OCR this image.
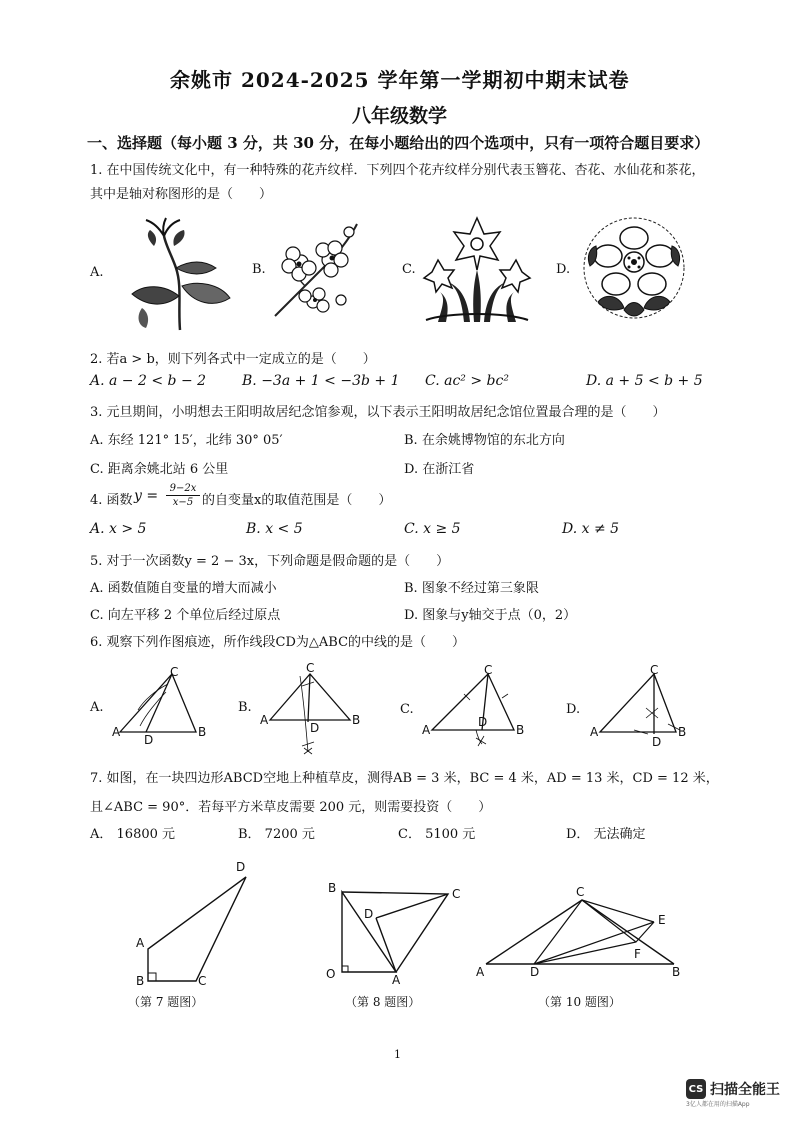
余姚市 2024-2025 学年第一学期初中期末试卷
八年级数学
一、选择题（每小题 3 分，共 30 分，在每小题给出的四个选项中，只有一项符合题目要求）
1. 在中国传统文化中，有一种特殊的花卉纹样．下列四个花卉纹样分别代表玉簪花、杏花、水仙花和茶花，
其中是轴对称图形的是（　　）
A.	B.	C.	D.
2. 若a > b，则下列各式中一定成立的是（　　）
A. a − 2 < b − 2	B. −3a + 1 < −3b + 1 C. ac² > bc²	D. a + 5 < b + 5
3. 元旦期间，小明想去王阳明故居纪念馆参观，以下表示王阳明故居纪念馆位置最合理的是（　　）
A. 东经 121° 15′，北纬 30° 05′	B. 在余姚博物馆的东北方向
C. 距离余姚北站 6 公里	D. 在浙江省
4. 函数 $y = \frac{9-2x}{x-5}$ 的自变量x的取值范围是（　　）
A. x > 5	B. x < 5	C. x ≥ 5	D. x ≠ 5
5. 对于一次函数y = 2 − 3x，下列命题是假命题的是（　　）
A. 函数值随自变量的增大而减小	B. 图象不经过第三象限
C. 向左平移 2 个单位后经过原点	D. 图象与y轴交于点（0，2）
6. 观察下列作图痕迹，所作线段CD为△ABC的中线的是（　　）
A.	B.	C.	D.
C
A
D
B
C
A
D
B
C
A
D
B
C
A
D
B
7. 如图，在一块四边形ABCD空地上种植草皮，测得AB = 3 米，BC = 4 米，AD = 13 米，CD = 12 米，
且∠ABC = 90°．若每平方米草皮需要 200 元，则需要投资（　　）
A． 16800 元	B． 7200 元	C． 5100 元	D． 无法确定
D
A
B	C
（第 7 题图）
B	C
D
O	A
（第 8 题图）
C
E
F
A	D	B
（第 10 题图）
1
CS 扫描全能王
3亿人都在用的扫描App
